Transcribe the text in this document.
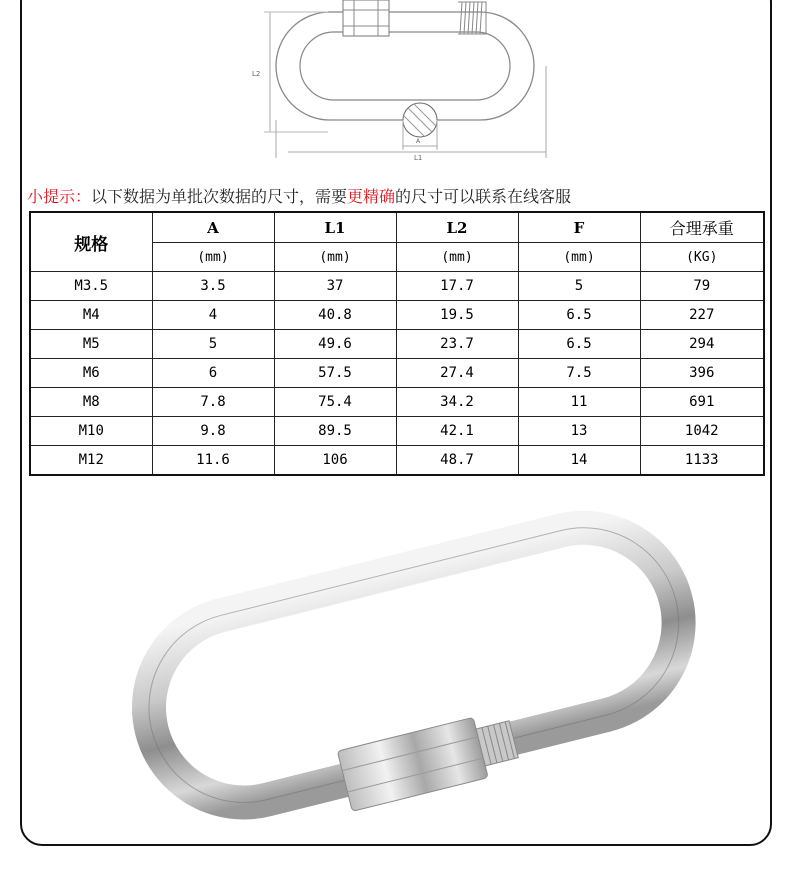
L2
A
L1
小提示：以下数据为单批次数据的尺寸，需要更精确的尺寸可以联系在线客服
规格	A	L1	L2	F	合理承重
	(mm)	(mm)	(mm)	(mm)	(KG)
M3.5	3.5	37	17.7	5	79
M4	4	40.8	19.5	6.5	227
M5	5	49.6	23.7	6.5	294
M6	6	57.5	27.4	7.5	396
M8	7.8	75.4	34.2	11	691
M10	9.8	89.5	42.1	13	1042
M12	11.6	106	48.7	14	1133
